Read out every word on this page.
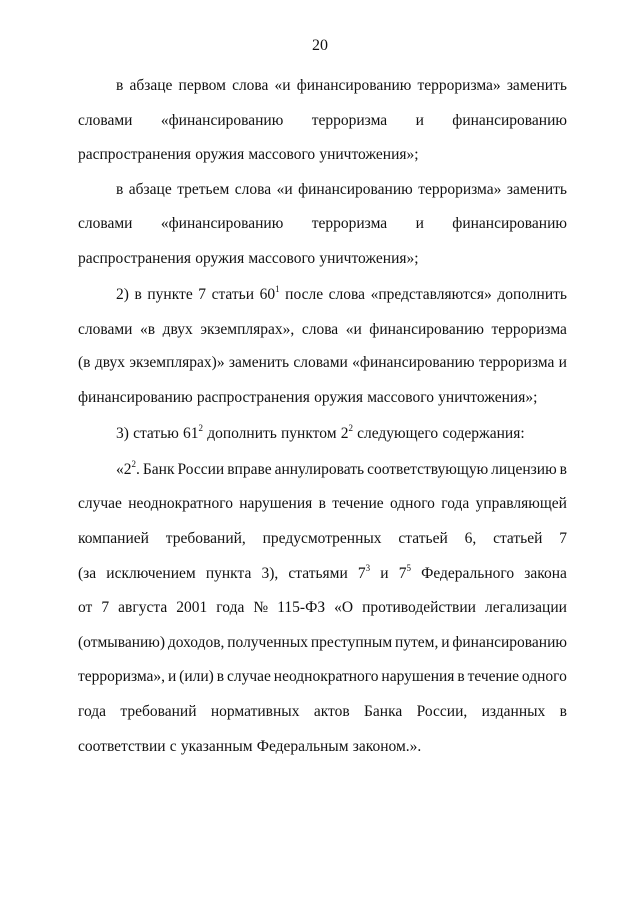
20
в абзаце первом слова «и финансированию терроризма» заменить
словами «финансированию терроризма и финансированию
распространения оружия массового уничтожения»;
в абзаце третьем слова «и финансированию терроризма» заменить
словами «финансированию терроризма и финансированию
распространения оружия массового уничтожения»;
2) в пункте 7 статьи $60^1$ после слова «представляются» дополнить
словами «в двух экземплярах», слова «и финансированию терроризма
(в двух экземплярах)» заменить словами «финансированию терроризма и
финансированию распространения оружия массового уничтожения»;
3) статью $61^2$ дополнить пунктом $2^2$ следующего содержания:
«$2^2$. Банк России вправе аннулировать соответствующую лицензию в
случае неоднократного нарушения в течение одного года управляющей
компанией требований, предусмотренных статьей 6, статьей 7
(за исключением пункта 3), статьями $7^3$ и $7^5$ Федерального закона
от 7 августа 2001 года № 115-ФЗ «О противодействии легализации
(отмыванию) доходов, полученных преступным путем, и финансированию
терроризма», и (или) в случае неоднократного нарушения в течение одного
года требований нормативных актов Банка России, изданных в
соответствии с указанным Федеральным законом.».
